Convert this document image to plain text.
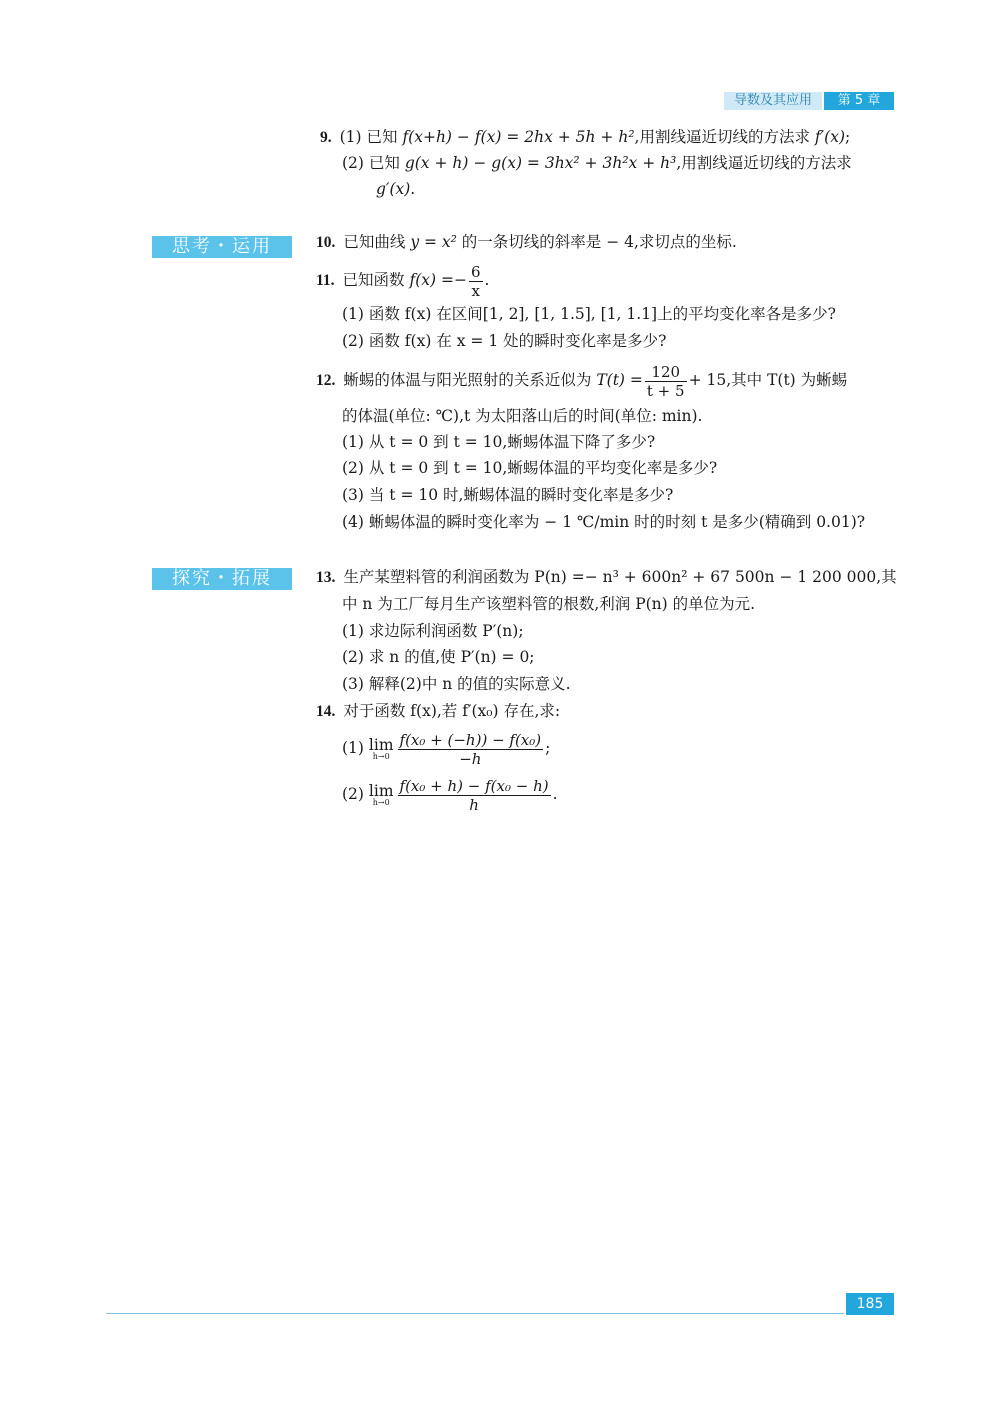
导数及其应用	第 5 章
9. (1) 已知 f(x+h) − f(x) = 2hx + 5h + h²,用割线逼近切线的方法求 f′(x);
(2) 已知 g(x + h) − g(x) = 3hx² + 3h²x + h³,用割线逼近切线的方法求
g′(x).
思考・运用	10. 已知曲线 y = x² 的一条切线的斜率是 − 4,求切点的坐标.
11. 已知函数 $f(x) =- \frac{6}{x}$ .
(1) 函数 f(x) 在区间[1, 2], [1, 1.5], [1, 1.1]上的平均变化率各是多少?
(2) 函数 f(x) 在 x = 1 处的瞬时变化率是多少?
12. 蜥蜴的体温与阳光照射的关系近似为 $T(t) = \frac{120}{t + 5} + 15$,其中 T(t) 为蜥蜴
的体温(单位: ℃),t 为太阳落山后的时间(单位: min).
(1) 从 t = 0 到 t = 10,蜥蜴体温下降了多少?
(2) 从 t = 0 到 t = 10,蜥蜴体温的平均变化率是多少?
(3) 当 t = 10 时,蜥蜴体温的瞬时变化率是多少?
(4) 蜥蜴体温的瞬时变化率为 − 1 ℃/min 时的时刻 t 是多少(精确到 0.01)?
探究・拓展	13. 生产某塑料管的利润函数为 P(n) =− n³ + 600n² + 67 500n − 1 200 000,其
中 n 为工厂每月生产该塑料管的根数,利润 P(n) 的单位为元.
(1) 求边际利润函数 P′(n);
(2) 求 n 的值,使 P′(n) = 0;
(3) 解释(2)中 n 的值的实际意义.
14. 对于函数 f(x),若 f′(x₀) 存在,求:
(1) lim
$h\to 0 \frac{\text{f(x₀ + (−h)) − f(x₀)}}{-h}$ ;
(2) lim
$h\to 0 \frac{\text{f(x₀ + h) − f(x₀ − h)}}{h}$ .
185
